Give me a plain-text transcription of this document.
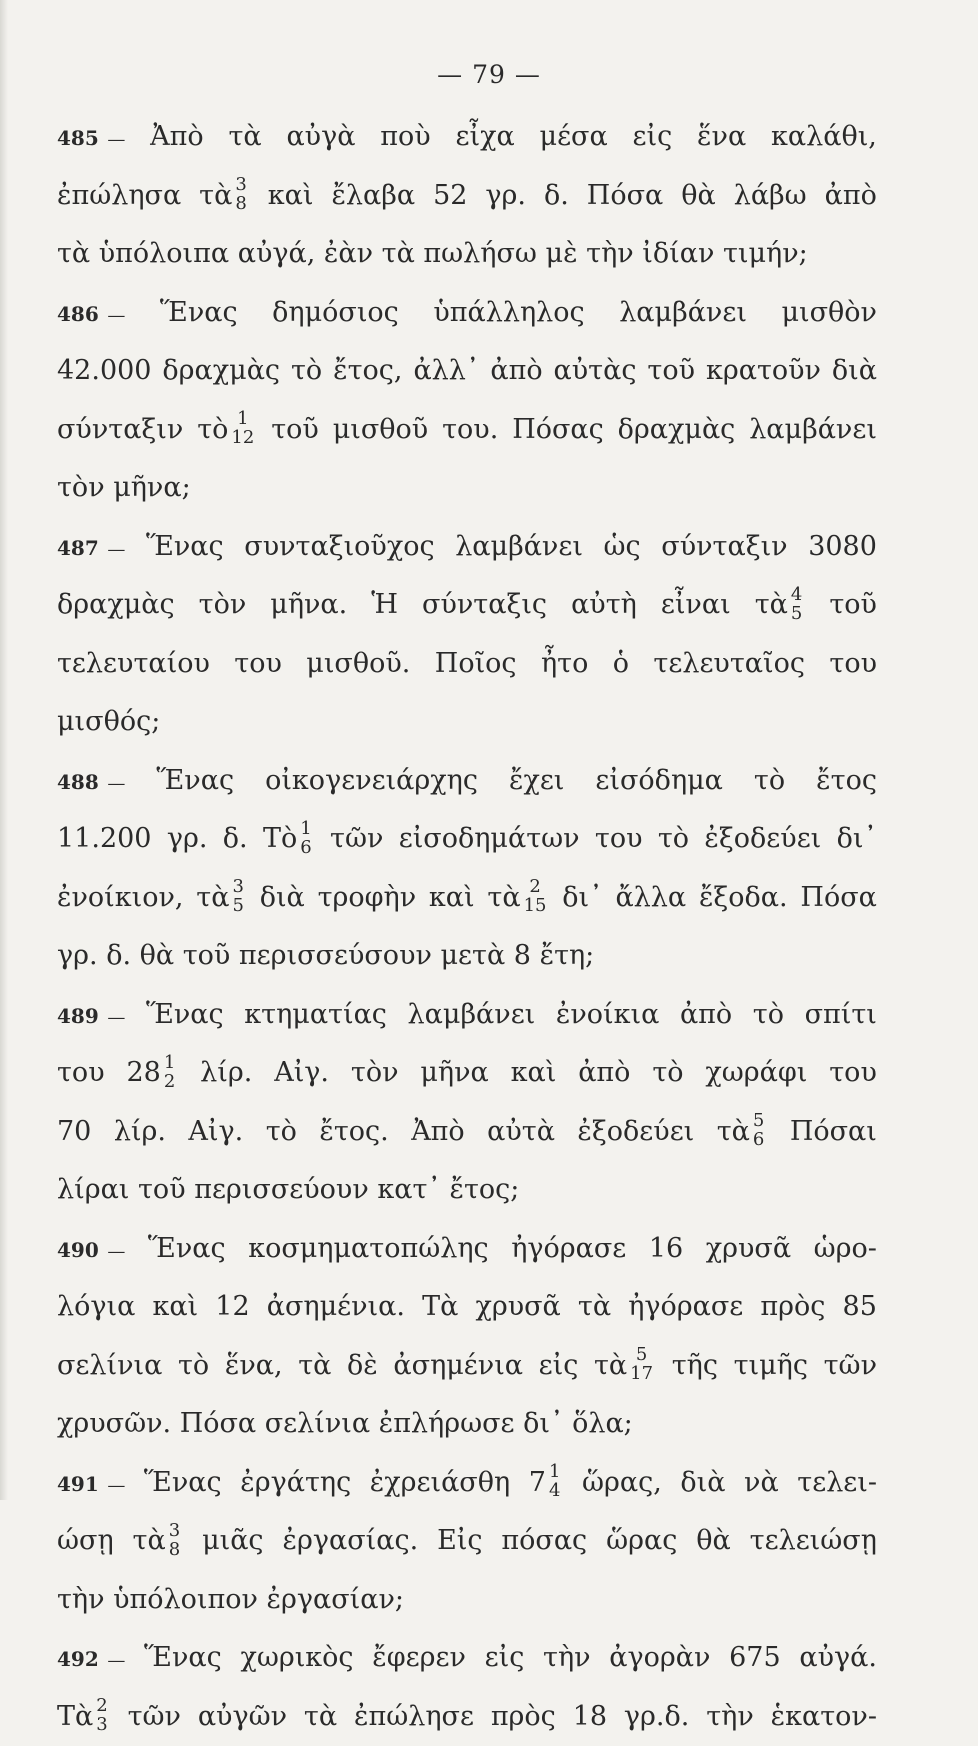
— 79 —
485 — Ἀπὸ τὰ αὐγὰ ποὺ εἶχα μέσα εἰς ἕνα καλάθι,
ἐπώλησα τὰ 3
8 καὶ ἔλαβα 52 γρ. δ. Πόσα θὰ λάβω ἀπὸ
τὰ ὑπόλοιπα αὐγά, ἐὰν τὰ πωλήσω μὲ τὴν ἰδίαν τιμήν;
486 — Ἕνας δημόσιος ὑπάλληλος λαμβάνει μισθὸν
42.000 δραχμὰς τὸ ἔτος, ἀλλ᾽ ἀπὸ αὐτὰς τοῦ κρατοῦν διὰ
σύνταξιν τὸ 1
12 τοῦ μισθοῦ του. Πόσας δραχμὰς λαμβάνει
τὸν μῆνα;
487 — Ἕνας συνταξιοῦχος λαμβάνει ὡς σύνταξιν 3080
δραχμὰς τὸν μῆνα. Ἡ σύνταξις αὐτὴ εἶναι τὰ 4
5 τοῦ
τελευταίου του μισθοῦ. Ποῖος ἦτο ὁ τελευταῖος του
μισθός;
488 — Ἕνας οἰκογενειάρχης ἔχει εἰσόδημα τὸ ἔτος
11.200 γρ. δ. Τὸ 1
6 τῶν εἰσοδημάτων του τὸ ἐξοδεύει δι᾽
ἐνοίκιον, τὰ 3
5 διὰ τροφὴν καὶ τὰ 2
15 δι᾽ ἄλλα ἔξοδα. Πόσα
γρ. δ. θὰ τοῦ περισσεύσουν μετὰ 8 ἔτη;
489 — Ἕνας κτηματίας λαμβάνει ἐνοίκια ἀπὸ τὸ σπίτι
του 28 1
2 λίρ. Αἰγ. τὸν μῆνα καὶ ἀπὸ τὸ χωράφι του
70 λίρ. Αἰγ. τὸ ἔτος. Ἀπὸ αὐτὰ ἐξοδεύει τὰ 5
6 Πόσαι
λίραι τοῦ περισσεύουν κατ᾽ ἔτος;
490 — Ἕνας κοσμηματοπώλης ἠγόρασε 16 χρυσᾶ ὡρο-
λόγια καὶ 12 ἀσημένια. Τὰ χρυσᾶ τὰ ἠγόρασε πρὸς 85
σελίνια τὸ ἕνα, τὰ δὲ ἀσημένια εἰς τὰ 5
17 τῆς τιμῆς τῶν
χρυσῶν. Πόσα σελίνια ἐπλήρωσε δι᾽ ὅλα;
491 — Ἕνας ἐργάτης ἐχρειάσθη 7 1
4 ὥρας, διὰ νὰ τελει-
ώσῃ τὰ 3
8 μιᾶς ἐργασίας. Εἰς πόσας ὥρας θὰ τελειώσῃ
τὴν ὑπόλοιπον ἐργασίαν;
492 — Ἕνας χωρικὸς ἔφερεν εἰς τὴν ἀγορὰν 675 αὐγά.
Τὰ 2
3 τῶν αὐγῶν τὰ ἐπώλησε πρὸς 18 γρ.δ. τὴν ἑκατον-
